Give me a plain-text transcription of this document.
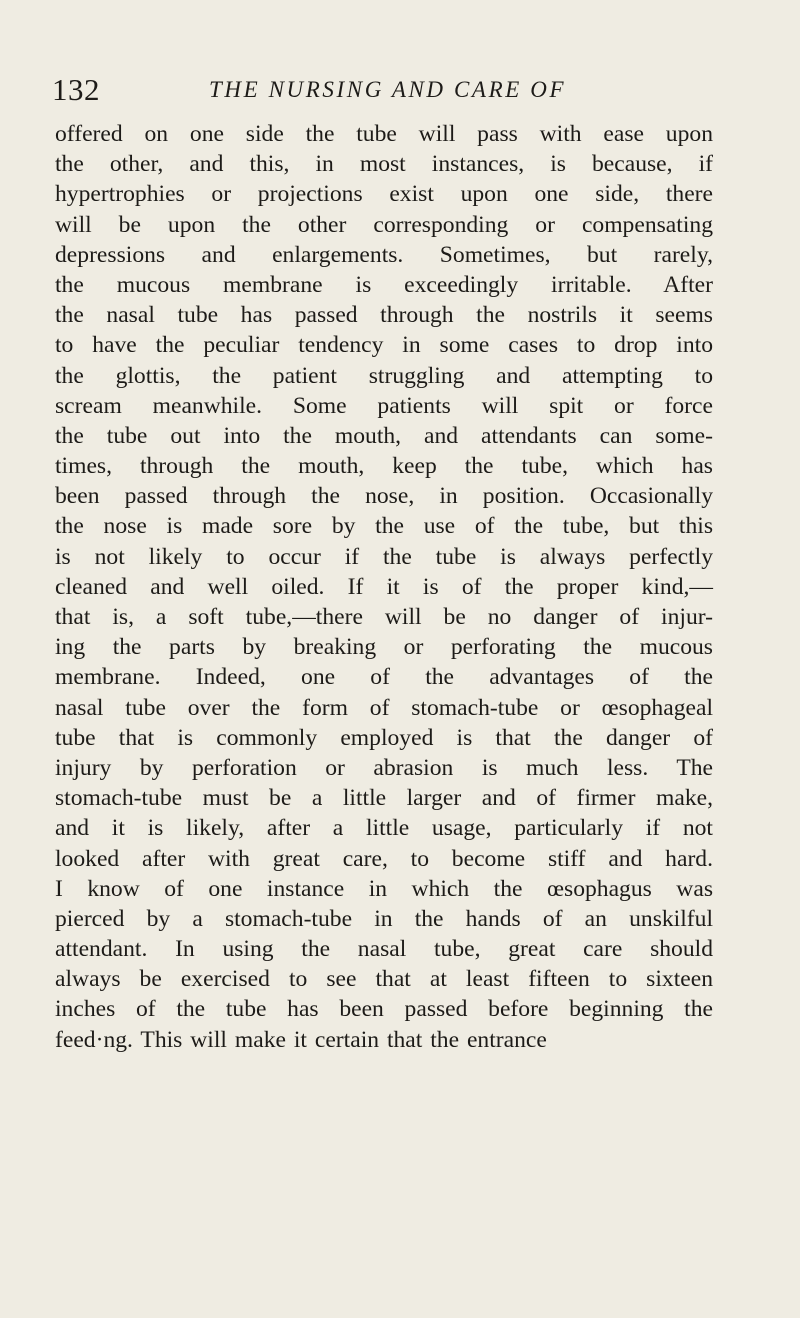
132	THE NURSING AND CARE OF
offered on one side the tube will pass with ease upon
the other, and this, in most instances, is because, if
hypertrophies or projections exist upon one side, there
will be upon the other corresponding or compensating
depressions and enlargements. Sometimes, but rarely,
the mucous membrane is exceedingly irritable. After
the nasal tube has passed through the nostrils it seems
to have the peculiar tendency in some cases to drop into
the glottis, the patient struggling and attempting to
scream meanwhile. Some patients will spit or force
the tube out into the mouth, and attendants can some-
times, through the mouth, keep the tube, which has
been passed through the nose, in position. Occasionally
the nose is made sore by the use of the tube, but this
is not likely to occur if the tube is always perfectly
cleaned and well oiled. If it is of the proper kind,—
that is, a soft tube,—there will be no danger of injur-
ing the parts by breaking or perforating the mucous
membrane. Indeed, one of the advantages of the
nasal tube over the form of stomach-tube or œsophageal
tube that is commonly employed is that the danger of
injury by perforation or abrasion is much less. The
stomach-tube must be a little larger and of firmer make,
and it is likely, after a little usage, particularly if not
looked after with great care, to become stiff and hard.
I know of one instance in which the œsophagus was
pierced by a stomach-tube in the hands of an unskilful
attendant. In using the nasal tube, great care should
always be exercised to see that at least fifteen to sixteen
inches of the tube has been passed before beginning the
feed·ng. This will make it certain that the entrance
